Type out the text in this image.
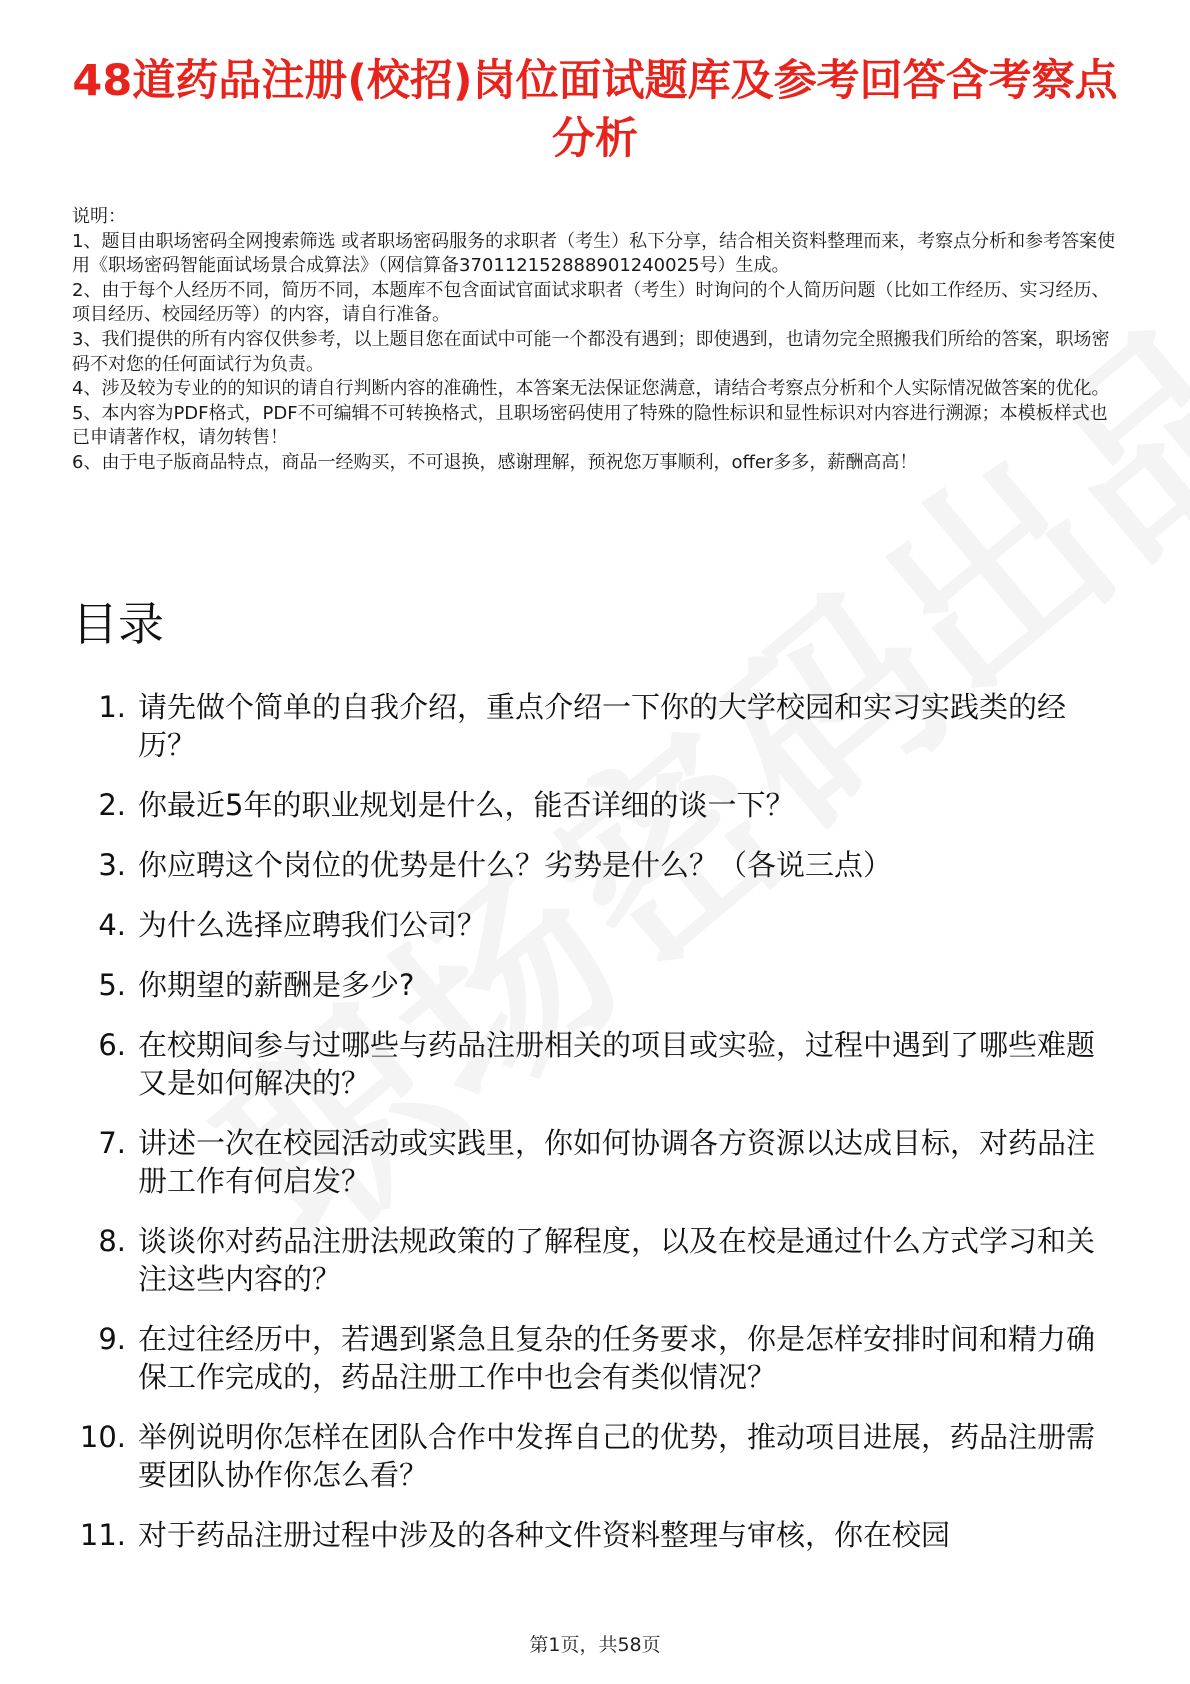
48道药品注册(校招)岗位面试题库及参考回答含考察点分析

说明：

1、题目由职场密码全网搜索筛选 或者职场密码服务的求职者（考生）私下分享，结合相关资料整理而来，考察点分析和参考答案使用《职场密码智能面试场景合成算法》（网信算备370112152888901240025号）生成。

2、由于每个人经历不同，简历不同，本题库不包含面试官面试求职者（考生）时询问的个人简历问题（比如工作经历、实习经历、项目经历、校园经历等）的内容，请自行准备。

3、我们提供的所有内容仅供参考，以上题目您在面试中可能一个都没有遇到；即使遇到，也请勿完全照搬我们所给的答案，职场密码不对您的任何面试行为负责。

4、涉及较为专业的的知识的请自行判断内容的准确性，本答案无法保证您满意，请结合考察点分析和个人实际情况做答案的优化。

5、本内容为PDF格式，PDF不可编辑不可转换格式，且职场密码使用了特殊的隐性标识和显性标识对内容进行溯源；本模板样式也已申请著作权，请勿转售！

6、由于电子版商品特点，商品一经购买，不可退换，感谢理解，预祝您万事顺利，offer多多，薪酬高高！

目录
1. 请先做个简单的自我介绍，重点介绍一下你的大学校园和实习实践类的经历？
2. 你最近5年的职业规划是什么，能否详细的谈一下？
3. 你应聘这个岗位的优势是什么？劣势是什么？（各说三点）
4. 为什么选择应聘我们公司？
5. 你期望的薪酬是多少?
6. 在校期间参与过哪些与药品注册相关的项目或实验，过程中遇到了哪些难题又是如何解决的？
7. 讲述一次在校园活动或实践里，你如何协调各方资源以达成目标，对药品注册工作有何启发？
8. 谈谈你对药品注册法规政策的了解程度，以及在校是通过什么方式学习和关注这些内容的？
9. 在过往经历中，若遇到紧急且复杂的任务要求，你是怎样安排时间和精力确保工作完成的，药品注册工作中也会有类似情况？
10. 举例说明你怎样在团队合作中发挥自己的优势，推动项目进展，药品注册需要团队协作你怎么看？
11. 对于药品注册过程中涉及的各种文件资料整理与审核，你在校园
第1页，共58页
